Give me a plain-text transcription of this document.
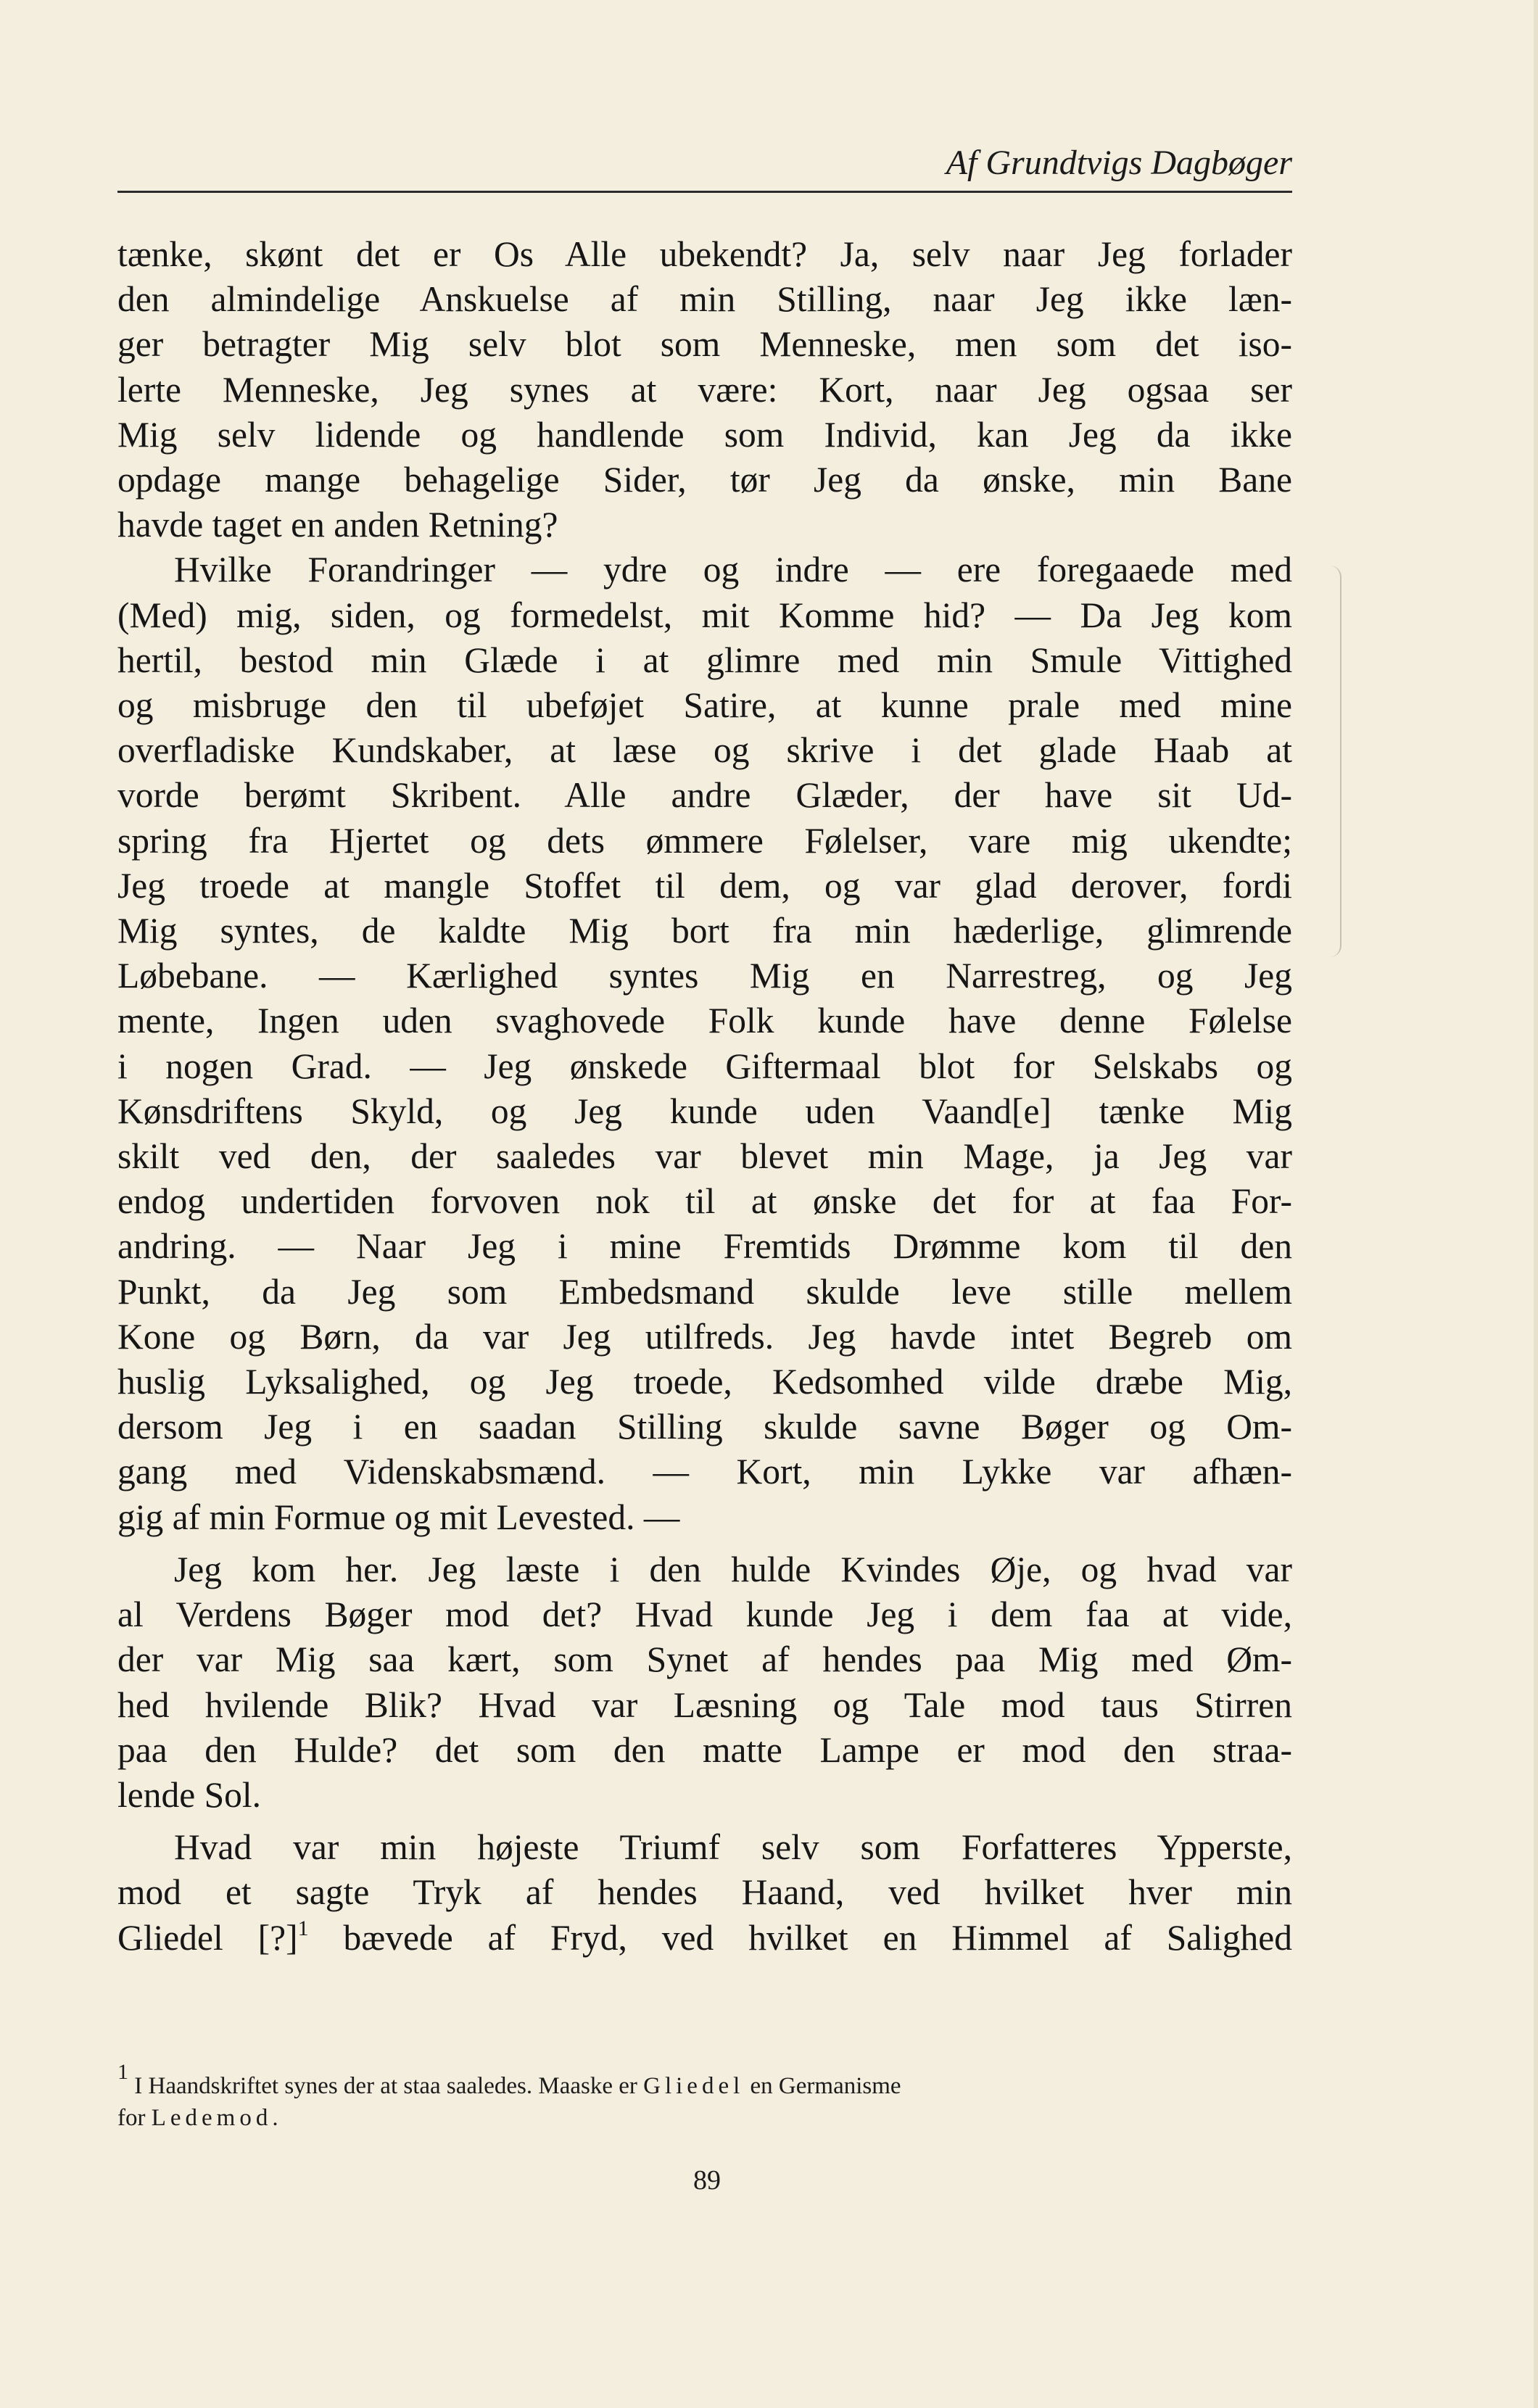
Af Grundtvigs Dagbøger
tænke, skønt det er Os Alle ubekendt? Ja, selv naar Jeg forlader
den almindelige Anskuelse af min Stilling, naar Jeg ikke læn-
ger betragter Mig selv blot som Menneske, men som det iso-
lerte Menneske, Jeg synes at være: Kort, naar Jeg ogsaa ser
Mig selv lidende og handlende som Individ, kan Jeg da ikke
opdage mange behagelige Sider, tør Jeg da ønske, min Bane
havde taget en anden Retning?
Hvilke Forandringer — ydre og indre — ere foregaaede med
(Med) mig, siden, og formedelst, mit Komme hid? — Da Jeg kom
hertil, bestod min Glæde i at glimre med min Smule Vittighed
og misbruge den til ubeføjet Satire, at kunne prale med mine
overfladiske Kundskaber, at læse og skrive i det glade Haab at
vorde berømt Skribent. Alle andre Glæder, der have sit Ud-
spring fra Hjertet og dets ømmere Følelser, vare mig ukendte;
Jeg troede at mangle Stoffet til dem, og var glad derover, fordi
Mig syntes, de kaldte Mig bort fra min hæderlige, glimrende
Løbebane. — Kærlighed syntes Mig en Narrestreg, og Jeg
mente, Ingen uden svaghovede Folk kunde have denne Følelse
i nogen Grad. — Jeg ønskede Giftermaal blot for Selskabs og
Kønsdriftens Skyld, og Jeg kunde uden Vaand[e] tænke Mig
skilt ved den, der saaledes var blevet min Mage, ja Jeg var
endog undertiden forvoven nok til at ønske det for at faa For-
andring. — Naar Jeg i mine Fremtids Drømme kom til den
Punkt, da Jeg som Embedsmand skulde leve stille mellem
Kone og Børn, da var Jeg utilfreds. Jeg havde intet Begreb om
huslig Lyksalighed, og Jeg troede, Kedsomhed vilde dræbe Mig,
dersom Jeg i en saadan Stilling skulde savne Bøger og Om-
gang med Videnskabsmænd. — Kort, min Lykke var afhæn-
gig af min Formue og mit Levested. —
Jeg kom her. Jeg læste i den hulde Kvindes Øje, og hvad var
al Verdens Bøger mod det? Hvad kunde Jeg i dem faa at vide,
der var Mig saa kært, som Synet af hendes paa Mig med Øm-
hed hvilende Blik? Hvad var Læsning og Tale mod taus Stirren
paa den Hulde? det som den matte Lampe er mod den straa-
lende Sol.
Hvad var min højeste Triumf selv som Forfatteres Ypperste,
mod et sagte Tryk af hendes Haand, ved hvilket hver min
Gliedel [?]$^1$ bævede af Fryd, ved hvilket en Himmel af Salighed
$^1$ I Haandskriftet synes der at staa saaledes. Maaske er Gliedel en Germanisme
for Ledemod.
89
